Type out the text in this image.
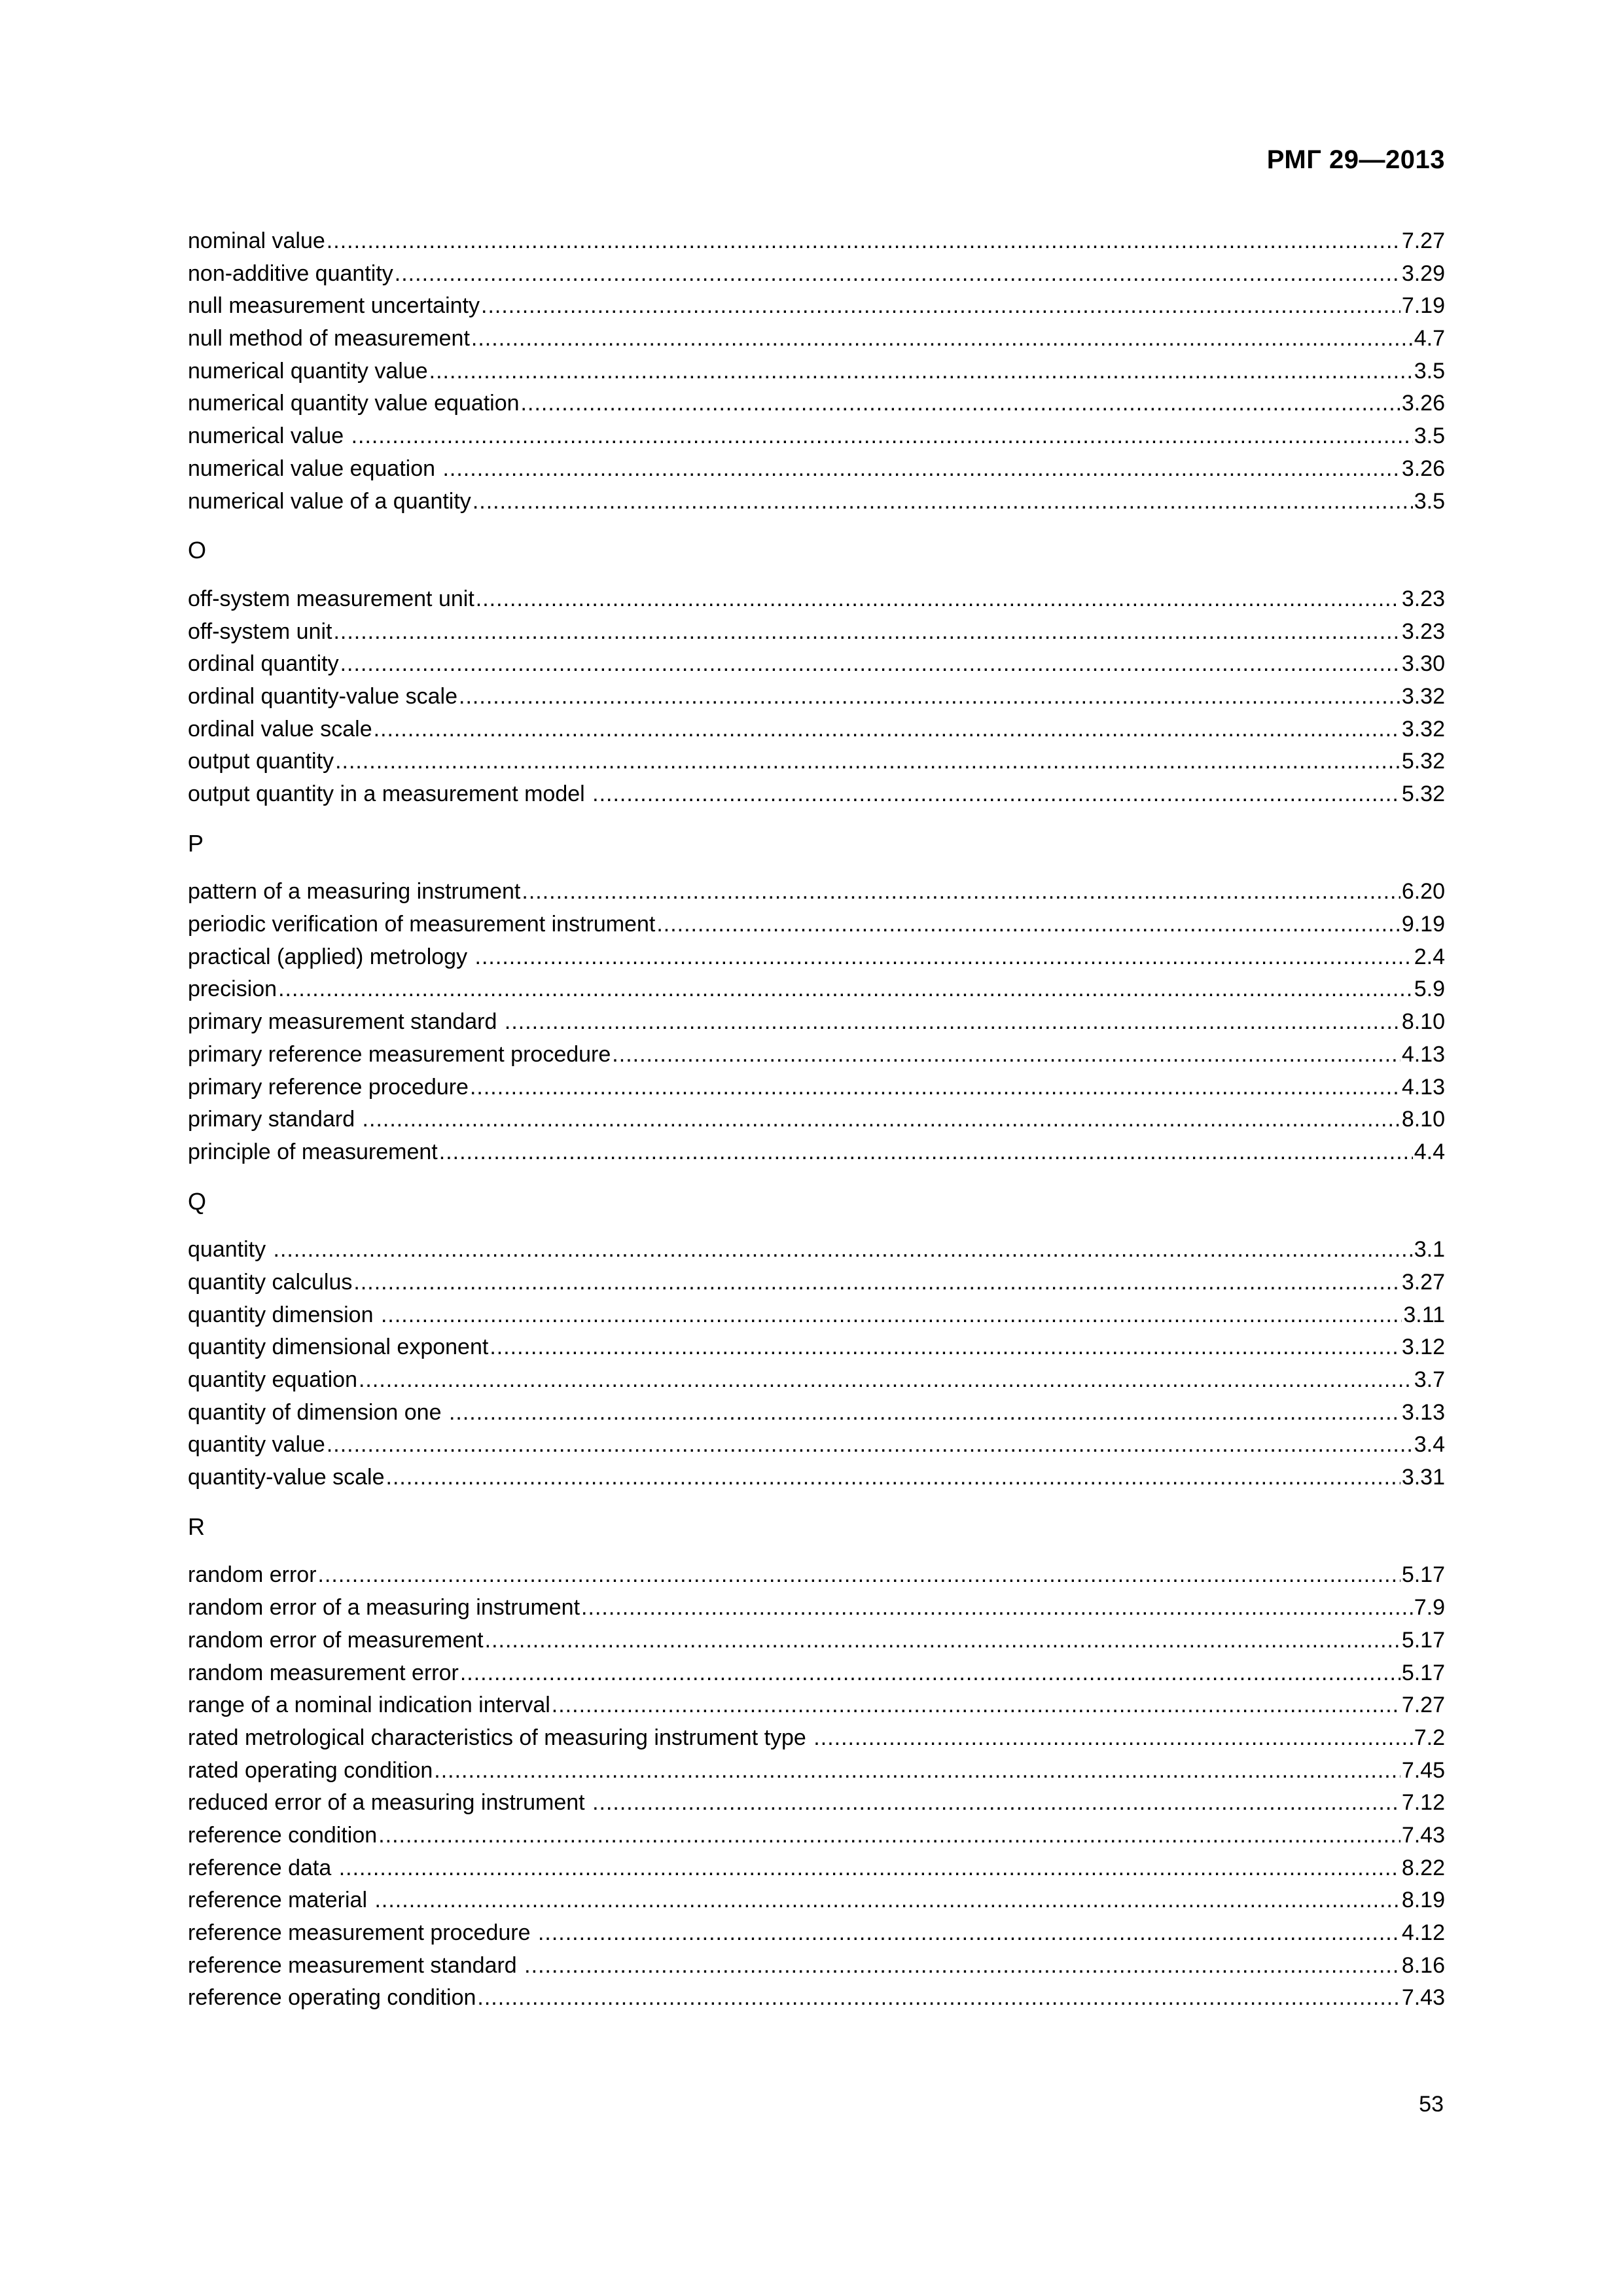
РМГ 29—2013
nominal value .....	7.27
non-additive quantity .....	3.29
null measurement uncertainty .....	7.19
null method of measurement .....	4.7
numerical quantity value .....	3.5
numerical quantity value equation .....	3.26
numerical value .....	3.5
numerical value equation .....	3.26
numerical value of a quantity .....	3.5
O
off-system measurement unit .....	3.23
off-system unit .....	3.23
ordinal quantity .....	3.30
ordinal quantity-value scale .....	3.32
ordinal value scale .....	3.32
output quantity .....	5.32
output quantity in a measurement model .....	5.32
P
pattern of a measuring instrument .....	6.20
periodic verification of measurement instrument .....	9.19
practical (applied) metrology .....	2.4
precision .....	5.9
primary measurement standard .....	8.10
primary reference measurement procedure .....	4.13
primary reference procedure .....	4.13
primary standard .....	8.10
principle of measurement .....	4.4
Q
quantity .....	3.1
quantity calculus .....	3.27
quantity dimension .....	3.11
quantity dimensional exponent .....	3.12
quantity equation .....	3.7
quantity of dimension one .....	3.13
quantity value .....	3.4
quantity-value scale .....	3.31
R
random error .....	5.17
random error of a measuring instrument .....	7.9
random error of measurement .....	5.17
random measurement error .....	5.17
range of a nominal indication interval .....	7.27
rated metrological characteristics of measuring instrument type .....	7.2
rated operating condition .....	7.45
reduced error of a measuring instrument .....	7.12
reference condition .....	7.43
reference data .....	8.22
reference material .....	8.19
reference measurement procedure .....	4.12
reference measurement standard .....	8.16
reference operating condition .....	7.43
53
